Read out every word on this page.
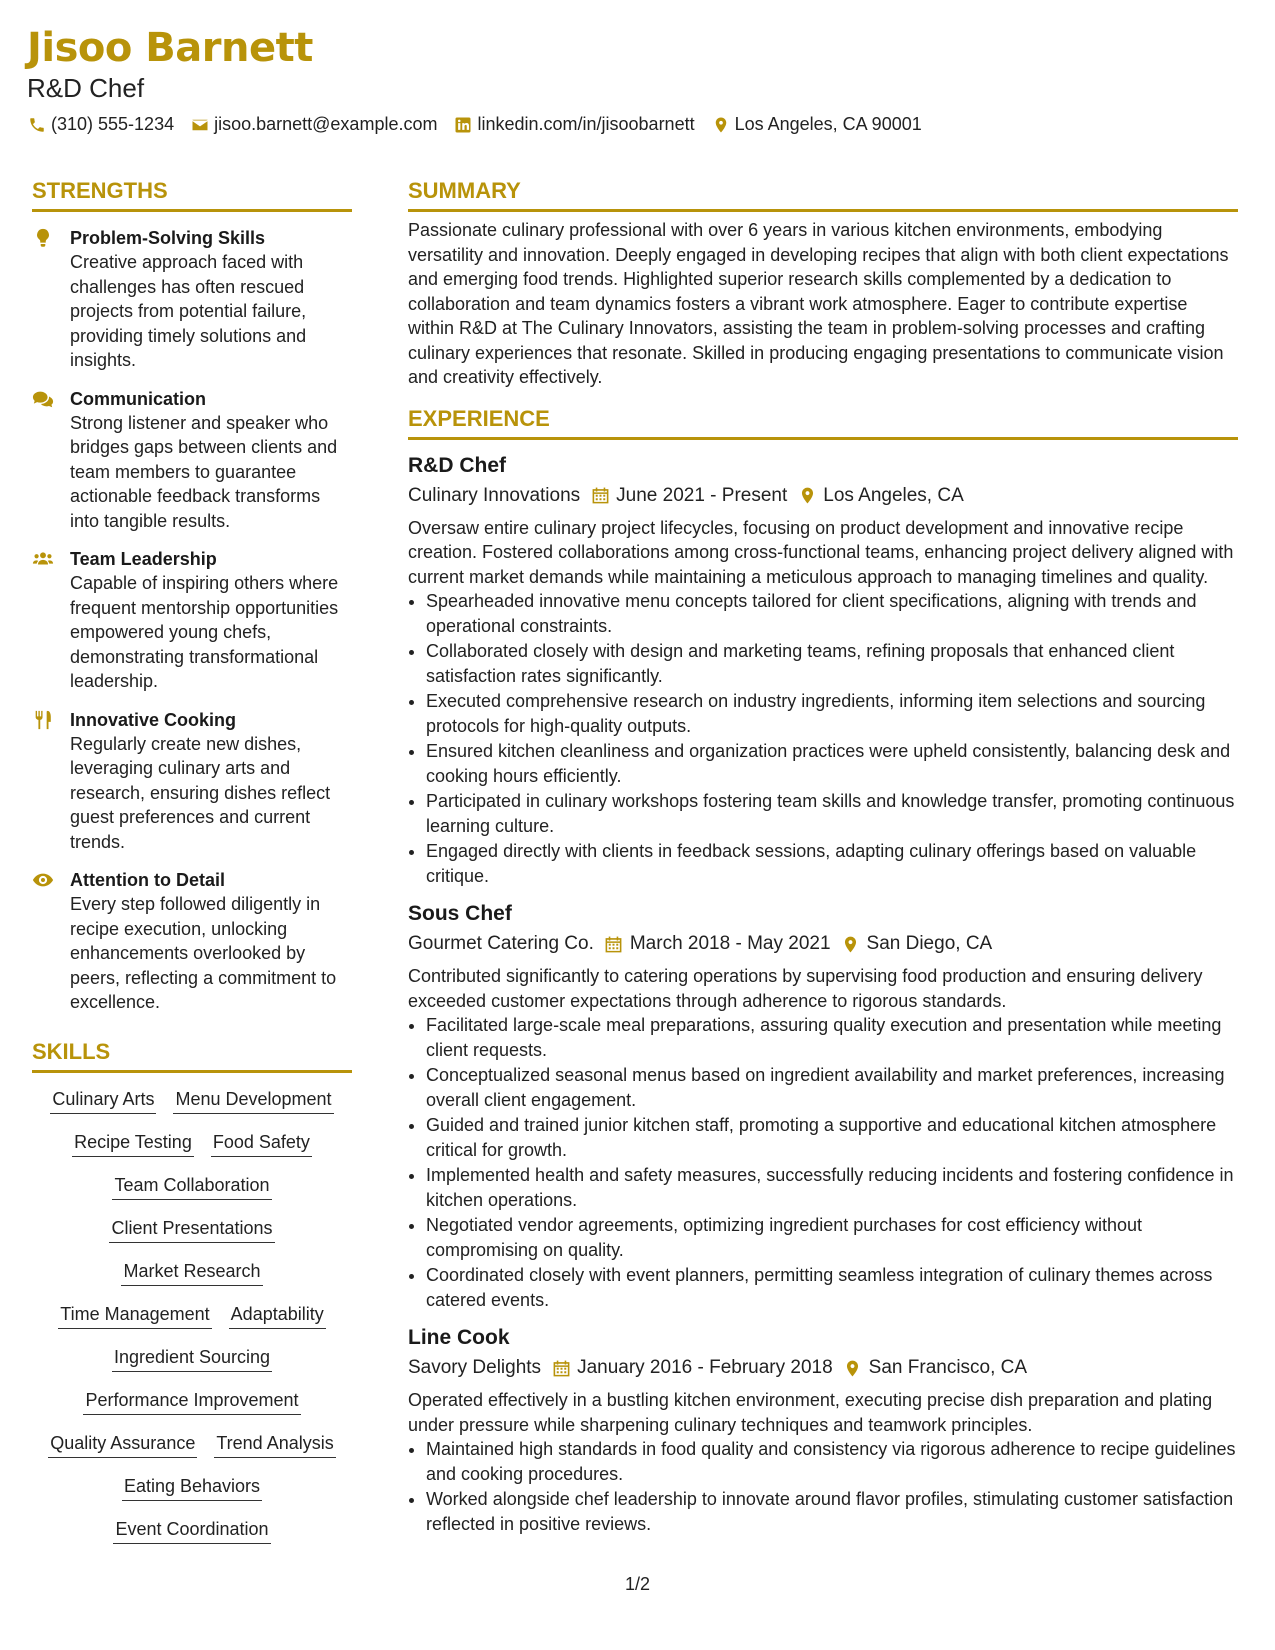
Jisoo Barnett
R&D Chef
(310) 555-1234 jisoo.barnett@example.com linkedin.com/in/jisoobarnett Los Angeles, CA 90001
STRENGTHS
Problem-Solving Skills
Creative approach faced with challenges has often rescued projects from potential failure, providing timely solutions and insights.
Communication
Strong listener and speaker who bridges gaps between clients and team members to guarantee actionable feedback transforms into tangible results.
Team Leadership
Capable of inspiring others where frequent mentorship opportunities empowered young chefs, demonstrating transformational leadership.
Innovative Cooking
Regularly create new dishes, leveraging culinary arts and research, ensuring dishes reflect guest preferences and current trends.
Attention to Detail
Every step followed diligently in recipe execution, unlocking enhancements overlooked by peers, reflecting a commitment to excellence.
SKILLS
Culinary Arts Menu Development
Recipe Testing Food Safety
Team Collaboration
Client Presentations
Market Research
Time Management Adaptability
Ingredient Sourcing
Performance Improvement
Quality Assurance Trend Analysis
Eating Behaviors
Event Coordination
SUMMARY
Passionate culinary professional with over 6 years in various kitchen environments, embodying versatility and innovation. Deeply engaged in developing recipes that align with both client expectations and emerging food trends. Highlighted superior research skills complemented by a dedication to collaboration and team dynamics fosters a vibrant work atmosphere. Eager to contribute expertise within R&D at The Culinary Innovators, assisting the team in problem-solving processes and crafting culinary experiences that resonate. Skilled in producing engaging presentations to communicate vision and creativity effectively.
EXPERIENCE
R&D Chef
Culinary Innovations June 2021 - Present Los Angeles, CA
Oversaw entire culinary project lifecycles, focusing on product development and innovative recipe creation. Fostered collaborations among cross-functional teams, enhancing project delivery aligned with current market demands while maintaining a meticulous approach to managing timelines and quality.
• Spearheaded innovative menu concepts tailored for client specifications, aligning with trends and operational constraints.
• Collaborated closely with design and marketing teams, refining proposals that enhanced client satisfaction rates significantly.
• Executed comprehensive research on industry ingredients, informing item selections and sourcing protocols for high-quality outputs.
• Ensured kitchen cleanliness and organization practices were upheld consistently, balancing desk and cooking hours efficiently.
• Participated in culinary workshops fostering team skills and knowledge transfer, promoting continuous learning culture.
• Engaged directly with clients in feedback sessions, adapting culinary offerings based on valuable critique.
Sous Chef
Gourmet Catering Co. March 2018 - May 2021 San Diego, CA
Contributed significantly to catering operations by supervising food production and ensuring delivery exceeded customer expectations through adherence to rigorous standards.
• Facilitated large-scale meal preparations, assuring quality execution and presentation while meeting client requests.
• Conceptualized seasonal menus based on ingredient availability and market preferences, increasing overall client engagement.
• Guided and trained junior kitchen staff, promoting a supportive and educational kitchen atmosphere critical for growth.
• Implemented health and safety measures, successfully reducing incidents and fostering confidence in kitchen operations.
• Negotiated vendor agreements, optimizing ingredient purchases for cost efficiency without compromising on quality.
• Coordinated closely with event planners, permitting seamless integration of culinary themes across catered events.
Line Cook
Savory Delights January 2016 - February 2018 San Francisco, CA
Operated effectively in a bustling kitchen environment, executing precise dish preparation and plating under pressure while sharpening culinary techniques and teamwork principles.
• Maintained high standards in food quality and consistency via rigorous adherence to recipe guidelines and cooking procedures.
• Worked alongside chef leadership to innovate around flavor profiles, stimulating customer satisfaction reflected in positive reviews.
1/2
